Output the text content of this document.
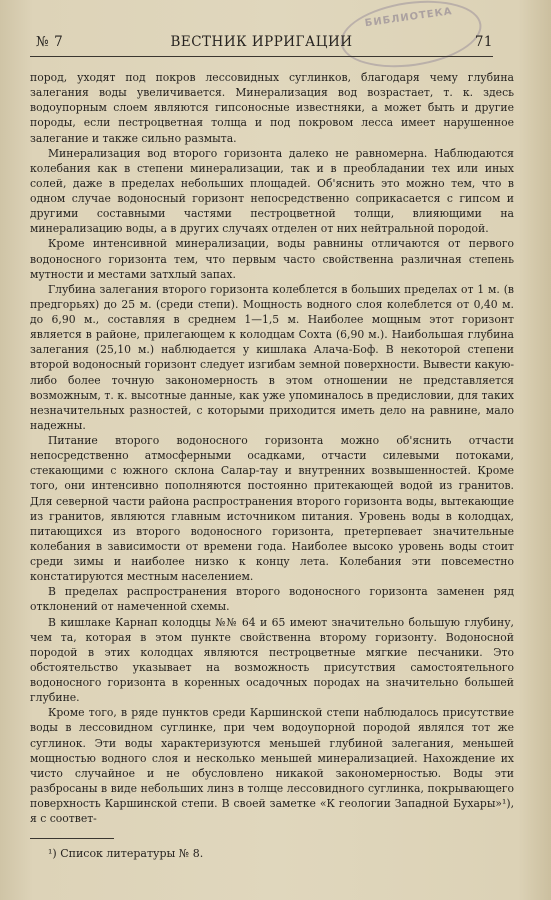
БИБЛИОТЕКА
№ 7	ВЕСТНИК ИРРИГАЦИИ	71

пород, уходят под покров лессовидных суглинков, благодаря чему глубина залегания воды увеличивается. Минерализация вод возрастает, т. к. здесь водоупорным слоем являются гипсоносные известняки, а может быть и другие породы, если пестроцветная толща и под покровом лесса имеет нарушенное залегание и также сильно размыта.

Минерализация вод второго горизонта далеко не равномерна. Наблюдаются колебания как в степени минерализации, так и в преобладании тех или иных солей, даже в пределах небольших площадей. Об'яснить это можно тем, что в одном случае водоносный горизонт непосредственно соприкасается с гипсом и другими составными частями пестроцветной толщи, влияющими на минерализацию воды, а в других случаях отделен от них нейтральной породой.

Кроме интенсивной минерализации, воды равнины отличаются от первого водоносного горизонта тем, что первым часто свойственна различная степень мутности и местами затхлый запах.

Глубина залегания второго горизонта колеблется в больших пределах от 1 м. (в предгорьях) до 25 м. (среди степи). Мощность водного слоя колеблется от 0,40 м. до 6,90 м., составляя в среднем 1—1,5 м. Наиболее мощным этот горизонт является в районе, прилегающем к колодцам Сохта (6,90 м.). Наибольшая глубина залегания (25,10 м.) наблюдается у кишлака Алача-Боф. В некоторой степени второй водоносный горизонт следует изгибам земной поверхности. Вывести какую-либо более точную закономерность в этом отношении не представляется возможным, т. к. высотные данные, как уже упоминалось в предисловии, для таких незначительных разностей, с которыми приходится иметь дело на равнине, мало надежны.

Питание второго водоносного горизонта можно об'яснить отчасти непосредственно атмосферными осадками, отчасти силевыми потоками, стекающими с южного склона Салар-тау и внутренних возвышенностей. Кроме того, они интенсивно пополняются постоянно притекающей водой из гранитов. Для северной части района распространения второго горизонта воды, вытекающие из гранитов, являются главным источником питания. Уровень воды в колодцах, питающихся из второго водоносного горизонта, претерпевает значительные колебания в зависимости от времени года. Наиболее высоко уровень воды стоит среди зимы и наиболее низко к концу лета. Колебания эти повсеместно констатируются местным населением.

В пределах распространения второго водоносного горизонта заменен ряд отклонений от намеченной схемы.

В кишлаке Карнап колодцы №№ 64 и 65 имеют значительно большую глубину, чем та, которая в этом пункте свойственна второму горизонту. Водоносной породой в этих колодцах являются пестроцветные мягкие песчаники. Это обстоятельство указывает на возможность присутствия самостоятельного водоносного горизонта в коренных осадочных породах на значительно большей глубине.

Кроме того, в ряде пунктов среди Каршинской степи наблюдалось присутствие воды в лессовидном суглинке, при чем водоупорной породой являлся тот же суглинок. Эти воды характеризуются меньшей глубиной залегания, меньшей мощностью водного слоя и несколько меньшей минерализацией. Нахождение их чисто случайное и не обусловлено никакой закономерностью. Воды эти разбросаны в виде небольших линз в толще лессовидного суглинка, покрывающего поверхность Каршинской степи. В своей заметке «К геологии Западной Бухары»¹), я с соответ-

¹) Список литературы № 8.
